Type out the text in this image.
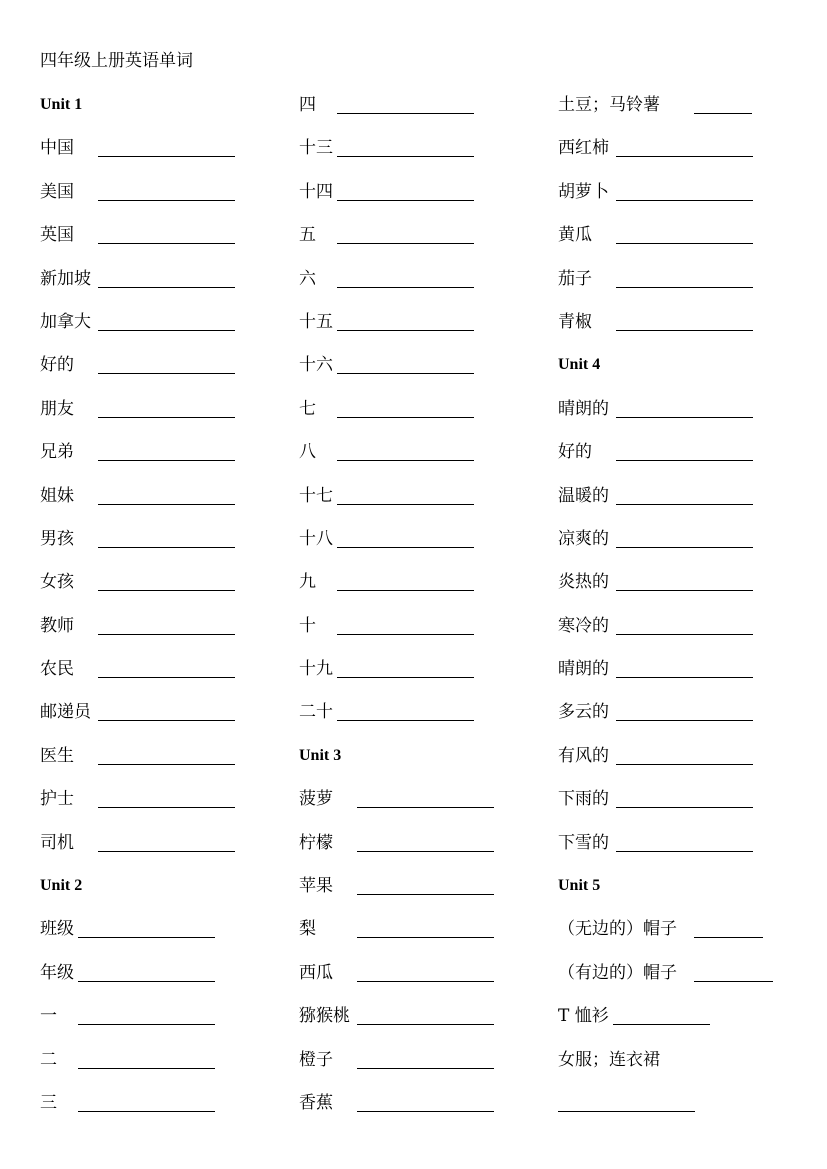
四年级上册英语单词
Unit 1
中国
美国
英国
新加坡
加拿大
好的
朋友
兄弟
姐妹
男孩
女孩
教师
农民
邮递员
医生
护士
司机
Unit 2
班级
年级
一
二
三
四
十三
十四
五
六
十五
十六
七
八
十七
十八
九
十
十九
二十
Unit 3
菠萝
柠檬
苹果
梨
西瓜
猕猴桃
橙子
香蕉
土豆；马铃薯
西红柿
胡萝卜
黄瓜
茄子
青椒
Unit 4
晴朗的
好的
温暖的
凉爽的
炎热的
寒冷的
晴朗的
多云的
有风的
下雨的
下雪的
Unit 5
（无边的）帽子
（有边的）帽子
T 恤衫
女服；连衣裙
